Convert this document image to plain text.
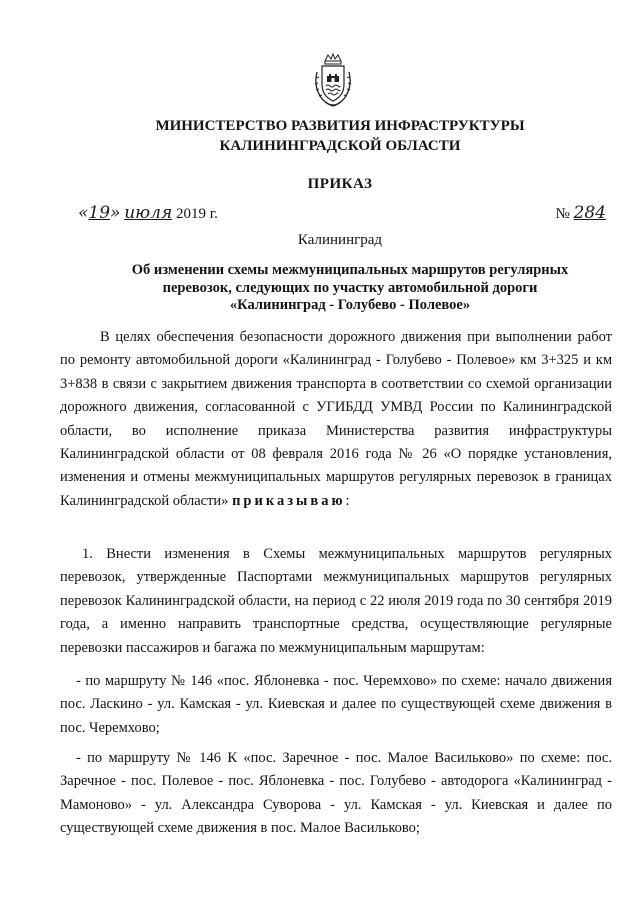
МИНИСТЕРСТВО РАЗВИТИЯ ИНФРАСТРУКТУРЫ
КАЛИНИНГРАДСКОЙ ОБЛАСТИ
ПРИКАЗ
«19» июля 2019 г.	№ 284
Калининград
Об изменении схемы межмуниципальных маршрутов регулярных
перевозок, следующих по участку автомобильной дороги
«Калининград - Голубево - Полевое»
В целях обеспечения безопасности дорожного движения при выполнении работ по ремонту автомобильной дороги «Калининград - Голубево - Полевое» км 3+325 и км 3+838 в связи с закрытием движения транспорта в соответствии со схемой организации дорожного движения, согласованной с УГИБДД УМВД России по Калининградской области, во исполнение приказа Министерства развития инфраструктуры Калининградской области от 08 февраля 2016 года № 26 «О порядке установления, изменения и отмены межмуниципальных маршрутов регулярных перевозок в границах Калининградской области» приказываю:
1. Внести изменения в Схемы межмуниципальных маршрутов регулярных перевозок, утвержденные Паспортами межмуниципальных маршрутов регулярных перевозок Калининградской области, на период с 22 июля 2019 года по 30 сентября 2019 года, а именно направить транспортные средства, осуществляющие регулярные перевозки пассажиров и багажа по межмуниципальным маршрутам:
- по маршруту № 146 «пос. Яблоневка - пос. Черемхово» по схеме: начало движения пос. Ласкино - ул. Камская - ул. Киевская и далее по существующей схеме движения в пос. Черемхово;
- по маршруту № 146 К «пос. Заречное - пос. Малое Васильково» по схеме: пос. Заречное - пос. Полевое - пос. Яблоневка - пос. Голубево - автодорога «Калининград - Мамоново» - ул. Александра Суворова - ул. Камская - ул. Киевская и далее по существующей схеме движения в пос. Малое Васильково;
